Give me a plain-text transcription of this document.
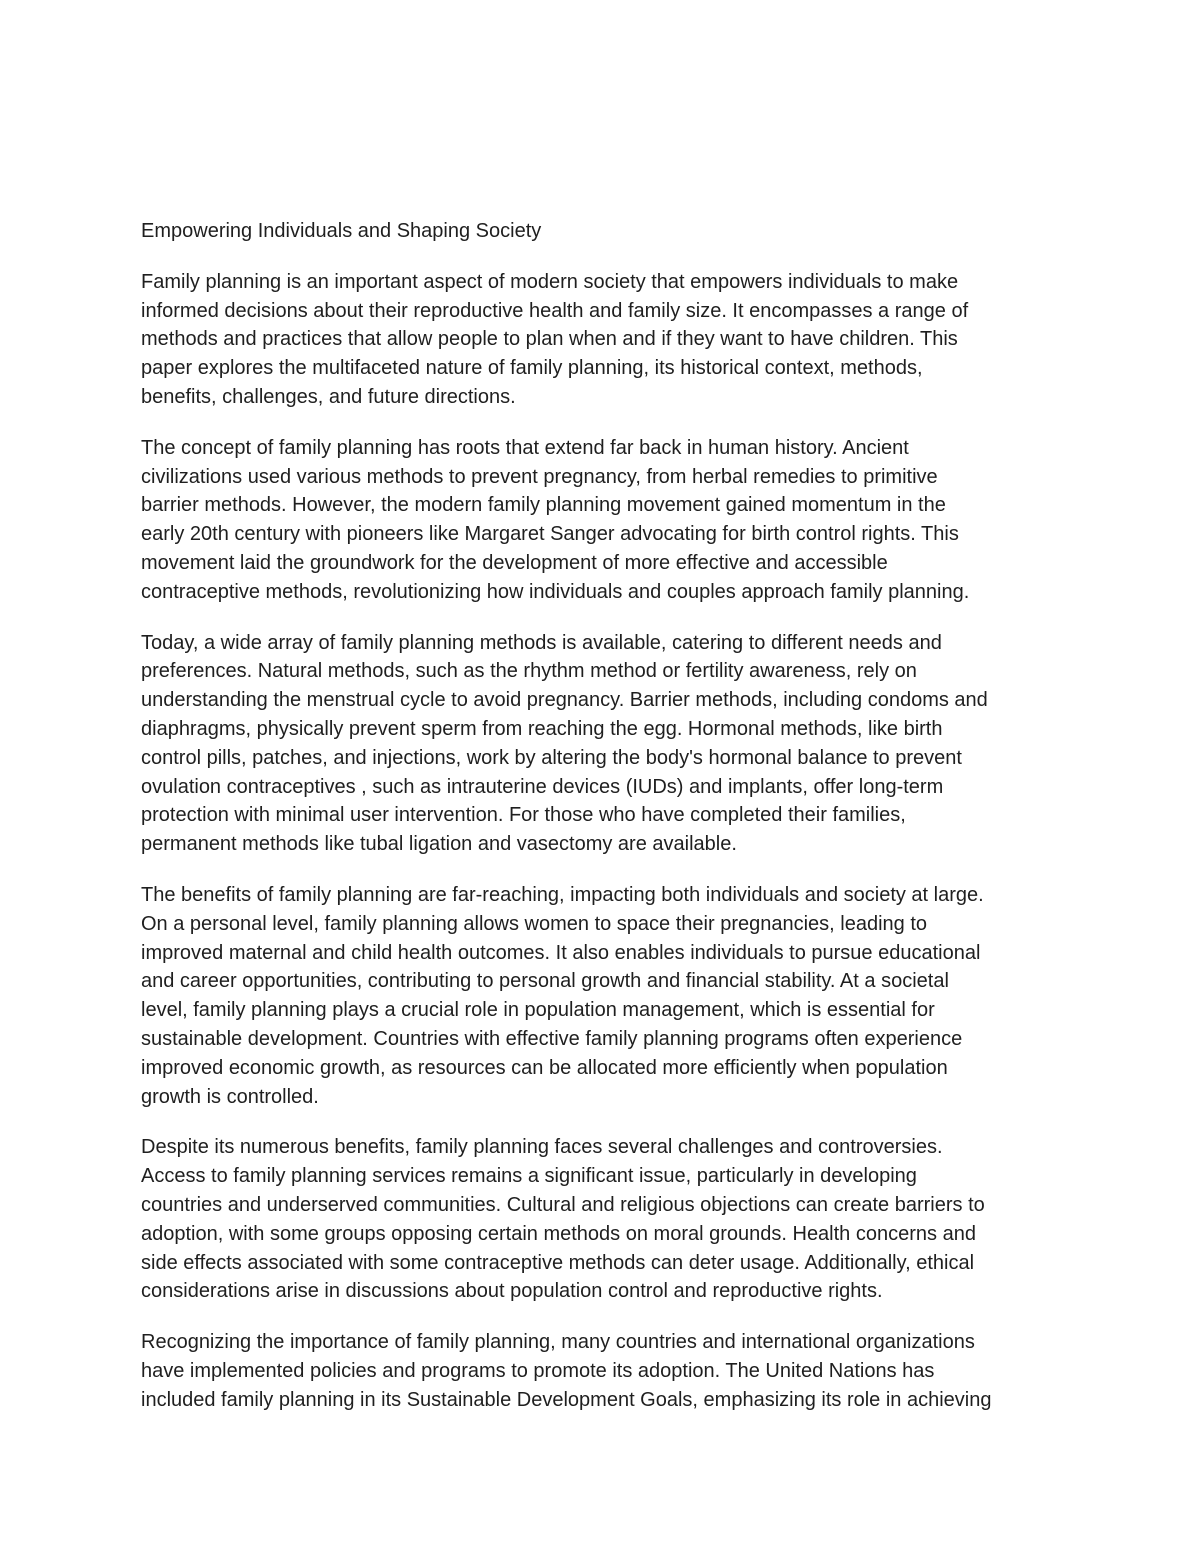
Empowering Individuals and Shaping Society
Family planning is an important aspect of modern society that empowers individuals to make
informed decisions about their reproductive health and family size. It encompasses a range of
methods and practices that allow people to plan when and if they want to have children. This
paper explores the multifaceted nature of family planning, its historical context, methods,
benefits, challenges, and future directions.
The concept of family planning has roots that extend far back in human history. Ancient
civilizations used various methods to prevent pregnancy, from herbal remedies to primitive
barrier methods. However, the modern family planning movement gained momentum in the
early 20th century with pioneers like Margaret Sanger advocating for birth control rights. This
movement laid the groundwork for the development of more effective and accessible
contraceptive methods, revolutionizing how individuals and couples approach family planning.
Today, a wide array of family planning methods is available, catering to different needs and
preferences. Natural methods, such as the rhythm method or fertility awareness, rely on
understanding the menstrual cycle to avoid pregnancy. Barrier methods, including condoms and
diaphragms, physically prevent sperm from reaching the egg. Hormonal methods, like birth
control pills, patches, and injections, work by altering the body's hormonal balance to prevent
ovulation contraceptives , such as intrauterine devices (IUDs) and implants, offer long-term
protection with minimal user intervention. For those who have completed their families,
permanent methods like tubal ligation and vasectomy are available.
The benefits of family planning are far-reaching, impacting both individuals and society at large.
On a personal level, family planning allows women to space their pregnancies, leading to
improved maternal and child health outcomes. It also enables individuals to pursue educational
and career opportunities, contributing to personal growth and financial stability. At a societal
level, family planning plays a crucial role in population management, which is essential for
sustainable development. Countries with effective family planning programs often experience
improved economic growth, as resources can be allocated more efficiently when population
growth is controlled.
Despite its numerous benefits, family planning faces several challenges and controversies.
Access to family planning services remains a significant issue, particularly in developing
countries and underserved communities. Cultural and religious objections can create barriers to
adoption, with some groups opposing certain methods on moral grounds. Health concerns and
side effects associated with some contraceptive methods can deter usage. Additionally, ethical
considerations arise in discussions about population control and reproductive rights.
Recognizing the importance of family planning, many countries and international organizations
have implemented policies and programs to promote its adoption. The United Nations has
included family planning in its Sustainable Development Goals, emphasizing its role in achieving
